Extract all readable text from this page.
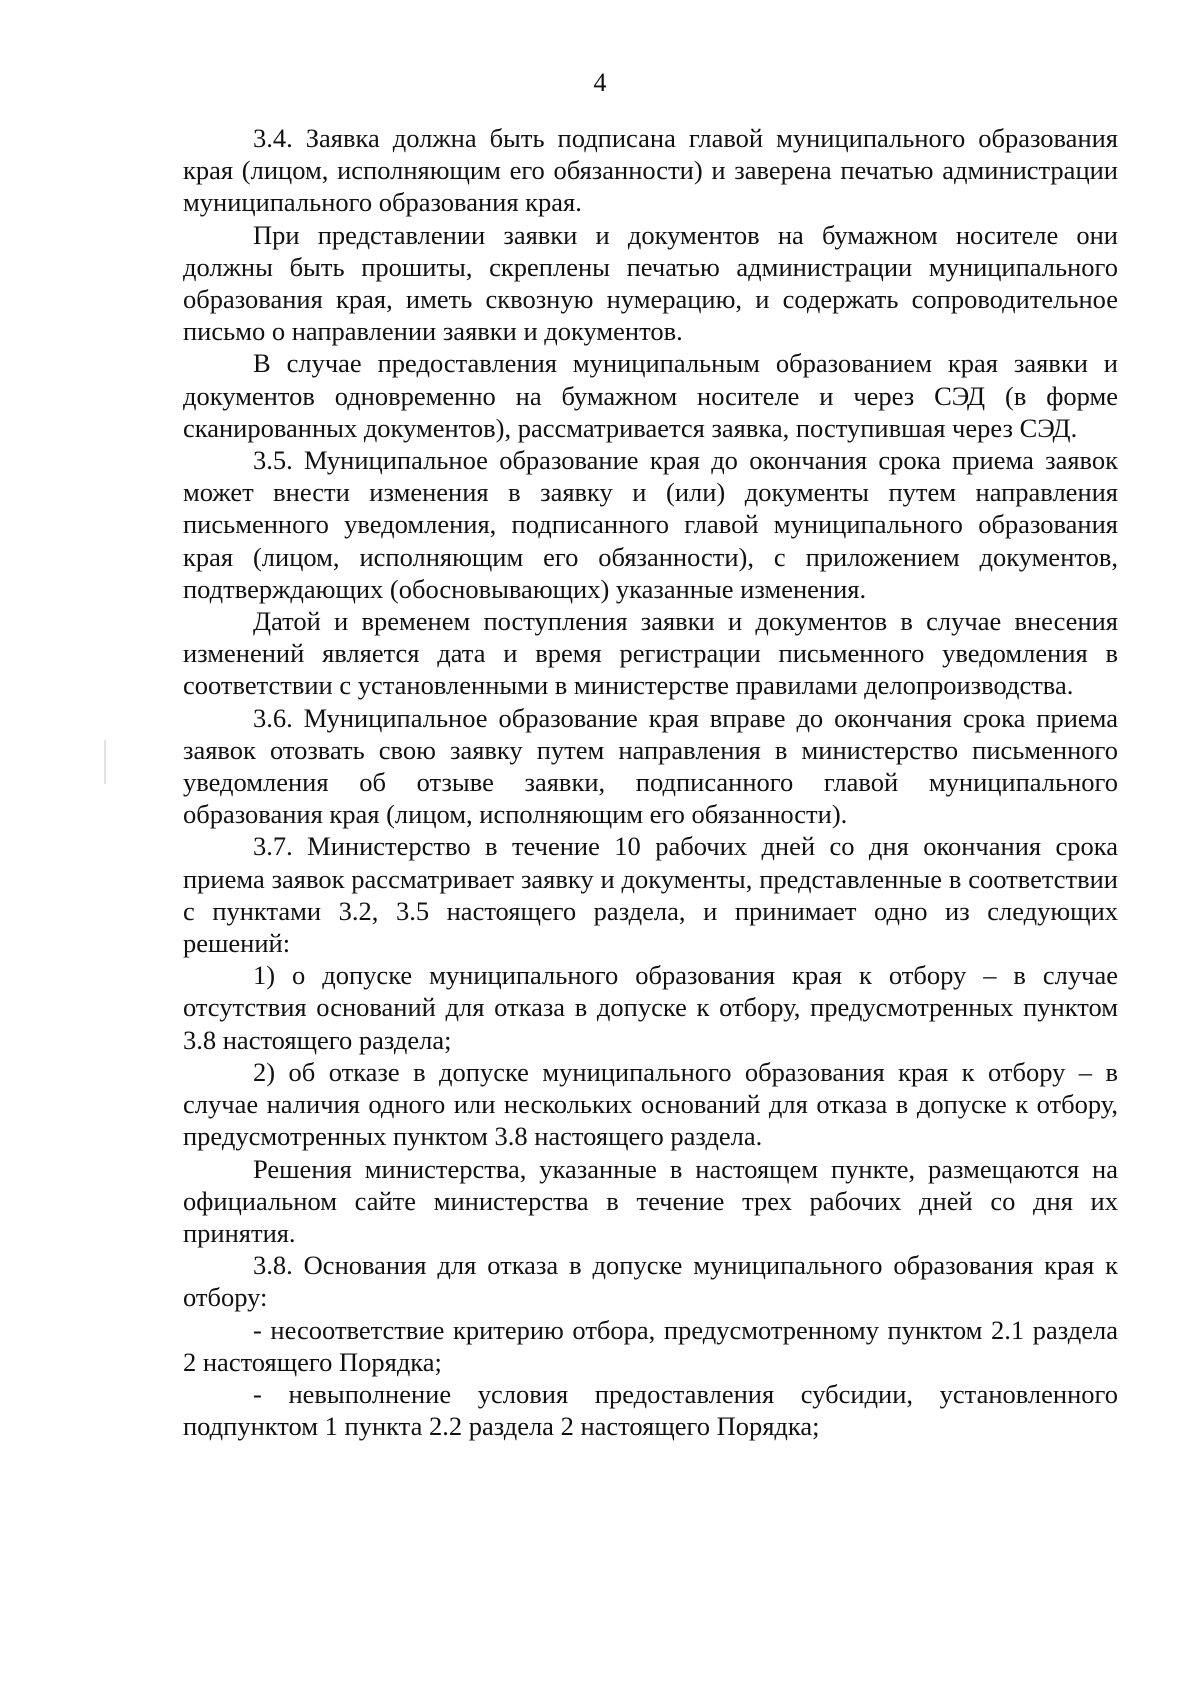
4

3.4. Заявка должна быть подписана главой муниципального образования края (лицом, исполняющим его обязанности) и заверена печатью администрации муниципального образования края.

При представлении заявки и документов на бумажном носителе они должны быть прошиты, скреплены печатью администрации муниципального образования края, иметь сквозную нумерацию, и содержать сопроводительное письмо о направлении заявки и документов.

В случае предоставления муниципальным образованием края заявки и документов одновременно на бумажном носителе и через СЭД (в форме сканированных документов), рассматривается заявка, поступившая через СЭД.

3.5. Муниципальное образование края до окончания срока приема заявок может внести изменения в заявку и (или) документы путем направления письменного уведомления, подписанного главой муниципального образования края (лицом, исполняющим его обязанности), с приложением документов, подтверждающих (обосновывающих) указанные изменения.

Датой и временем поступления заявки и документов в случае внесения изменений является дата и время регистрации письменного уведомления в соответствии с установленными в министерстве правилами делопроизводства.

3.6. Муниципальное образование края вправе до окончания срока приема заявок отозвать свою заявку путем направления в министерство письменного уведомления об отзыве заявки, подписанного главой муниципального образования края (лицом, исполняющим его обязанности).

3.7. Министерство в течение 10 рабочих дней со дня окончания срока приема заявок рассматривает заявку и документы, представленные в соответствии с пунктами 3.2, 3.5 настоящего раздела, и принимает одно из следующих решений:

1) о допуске муниципального образования края к отбору – в случае отсутствия оснований для отказа в допуске к отбору, предусмотренных пунктом 3.8 настоящего раздела;

2) об отказе в допуске муниципального образования края к отбору – в случае наличия одного или нескольких оснований для отказа в допуске к отбору, предусмотренных пунктом 3.8 настоящего раздела.

Решения министерства, указанные в настоящем пункте, размещаются на официальном сайте министерства в течение трех рабочих дней со дня их принятия.

3.8. Основания для отказа в допуске муниципального образования края к отбору:

- несоответствие критерию отбора, предусмотренному пунктом 2.1 раздела 2 настоящего Порядка;

- невыполнение условия предоставления субсидии, установленного подпунктом 1 пункта 2.2 раздела 2 настоящего Порядка;
